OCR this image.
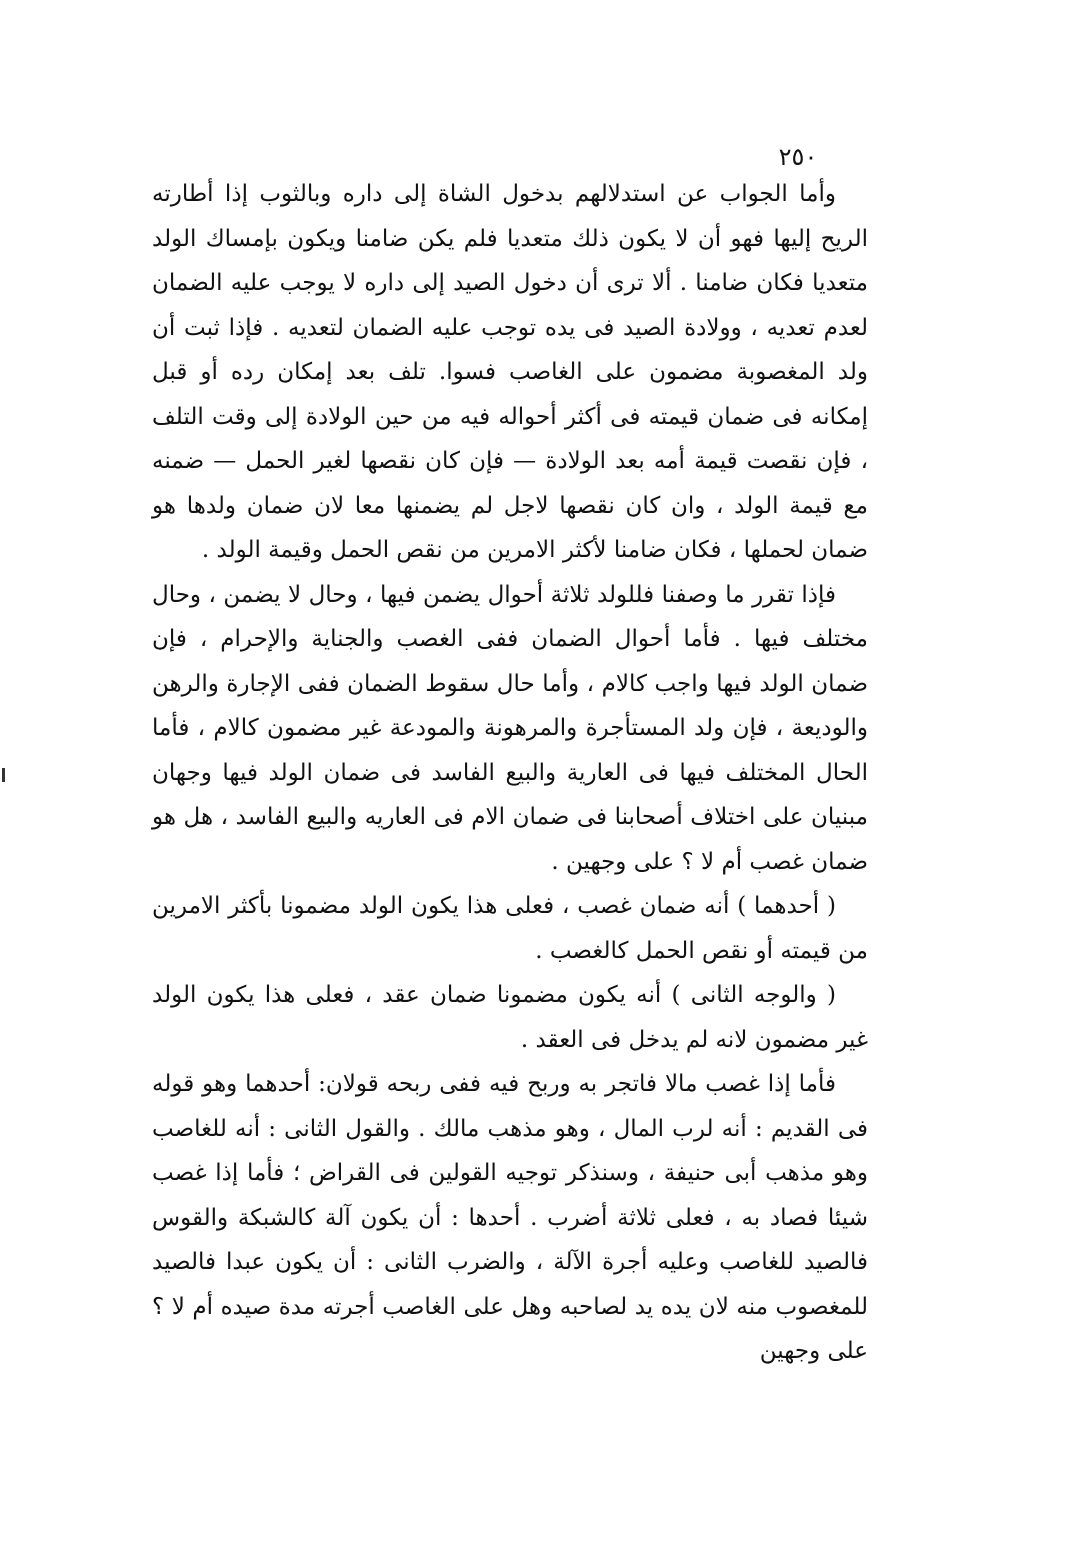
٢٥٠

وأما الجواب عن استدلالهم بدخول الشاة إلى داره وبالثوب إذا أطارته الريح إليها فهو أن لا يكون ذلك متعديا فلم يكن ضامنا ويكون بإمساك الولد متعديا فكان ضامنا . ألا ترى أن دخول الصيد إلى داره لا يوجب عليه الضمان لعدم تعديه ، وولادة الصيد فى يده توجب عليه الضمان لتعديه . فإذا ثبت أن ولد المغصوبة مضمون على الغاصب فسوا. تلف بعد إمكان رده أو قبل إمكانه فى ضمان قيمته فى أكثر أحواله فيه من حين الولادة إلى وقت التلف ، فإن نقصت قيمة أمه بعد الولادة — فإن كان نقصها لغير الحمل — ضمنه مع قيمة الولد ، وان كان نقصها لاجل لم يضمنها معا لان ضمان ولدها هو ضمان لحملها ، فكان ضامنا لأكثر الامرين من نقص الحمل وقيمة الولد .

فإذا تقرر ما وصفنا فللولد ثلاثة أحوال يضمن فيها ، وحال لا يضمن ، وحال مختلف فيها . فأما أحوال الضمان ففى الغصب والجناية والإحرام ، فإن ضمان الولد فيها واجب كالام ، وأما حال سقوط الضمان ففى الإجارة والرهن والوديعة ، فإن ولد المستأجرة والمرهونة والمودعة غير مضمون كالام ، فأما الحال المختلف فيها فى العارية والبيع الفاسد فى ضمان الولد فيها وجهان مبنيان على اختلاف أصحابنا فى ضمان الام فى العاريه والبيع الفاسد ، هل هو ضمان غصب أم لا ؟ على وجهين .

( أحدهما ) أنه ضمان غصب ، فعلى هذا يكون الولد مضمونا بأكثر الامرين من قيمته أو نقص الحمل كالغصب .

( والوجه الثانى ) أنه يكون مضمونا ضمان عقد ، فعلى هذا يكون الولد غير مضمون لانه لم يدخل فى العقد .

فأما إذا غصب مالا فاتجر به وربح فيه ففى ربحه قولان: أحدهما وهو قوله فى القديم : أنه لرب المال ، وهو مذهب مالك . والقول الثانى : أنه للغاصب وهو مذهب أبى حنيفة ، وسنذكر توجيه القولين فى القراض ؛ فأما إذا غصب شيئا فصاد به ، فعلى ثلاثة أضرب . أحدها : أن يكون آلة كالشبكة والقوس فالصيد للغاصب وعليه أجرة الآلة ، والضرب الثانى : أن يكون عبدا فالصيد للمغصوب منه لان يده يد لصاحبه وهل على الغاصب أجرته مدة صيده أم لا ؟ على وجهين
